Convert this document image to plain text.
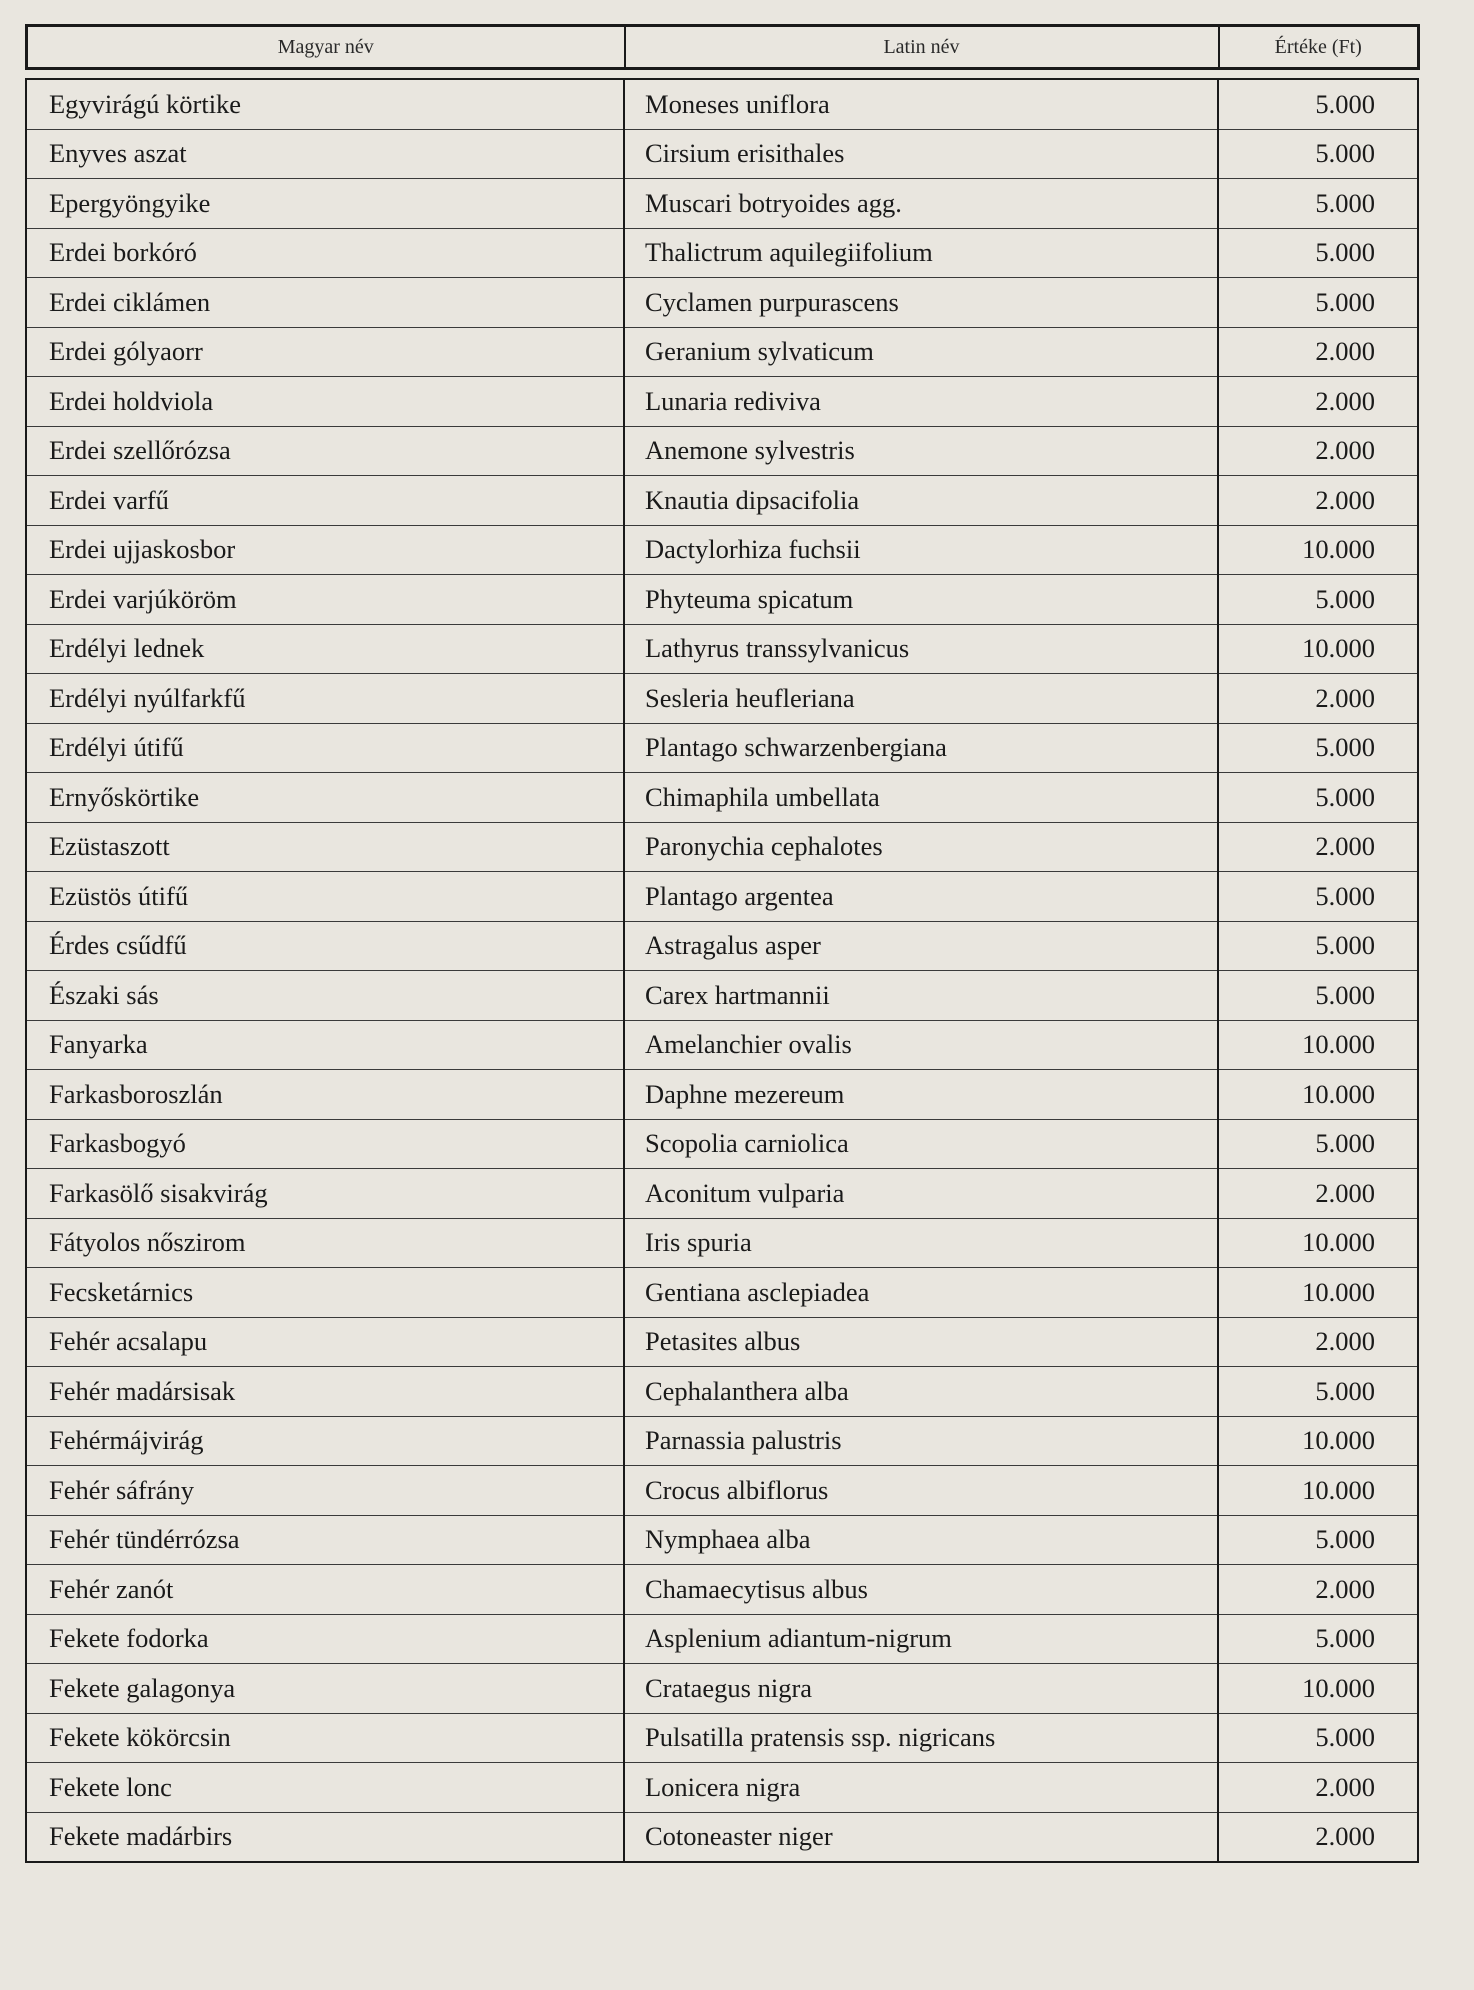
Magyar név	Latin név	Értéke (Ft)
Egyvirágú körtike	Moneses uniflora	5.000
Enyves aszat	Cirsium erisithales	5.000
Epergyöngyike	Muscari botryoides agg.	5.000
Erdei borkóró	Thalictrum aquilegiifolium	5.000
Erdei ciklámen	Cyclamen purpurascens	5.000
Erdei gólyaorr	Geranium sylvaticum	2.000
Erdei holdviola	Lunaria rediviva	2.000
Erdei szellőrózsa	Anemone sylvestris	2.000
Erdei varfű	Knautia dipsacifolia	2.000
Erdei ujjaskosbor	Dactylorhiza fuchsii	10.000
Erdei varjúköröm	Phyteuma spicatum	5.000
Erdélyi lednek	Lathyrus transsylvanicus	10.000
Erdélyi nyúlfarkfű	Sesleria heufleriana	2.000
Erdélyi útifű	Plantago schwarzenbergiana	5.000
Ernyőskörtike	Chimaphila umbellata	5.000
Ezüstaszott	Paronychia cephalotes	2.000
Ezüstös útifű	Plantago argentea	5.000
Érdes csűdfű	Astragalus asper	5.000
Északi sás	Carex hartmannii	5.000
Fanyarka	Amelanchier ovalis	10.000
Farkasboroszlán	Daphne mezereum	10.000
Farkasbogyó	Scopolia carniolica	5.000
Farkasölő sisakvirág	Aconitum vulparia	2.000
Fátyolos nőszirom	Iris spuria	10.000
Fecsketárnics	Gentiana asclepiadea	10.000
Fehér acsalapu	Petasites albus	2.000
Fehér madársisak	Cephalanthera alba	5.000
Fehérmájvirág	Parnassia palustris	10.000
Fehér sáfrány	Crocus albiflorus	10.000
Fehér tündérrózsa	Nymphaea alba	5.000
Fehér zanót	Chamaecytisus albus	2.000
Fekete fodorka	Asplenium adiantum-nigrum	5.000
Fekete galagonya	Crataegus nigra	10.000
Fekete kökörcsin	Pulsatilla pratensis ssp. nigricans	5.000
Fekete lonc	Lonicera nigra	2.000
Fekete madárbirs	Cotoneaster niger	2.000
